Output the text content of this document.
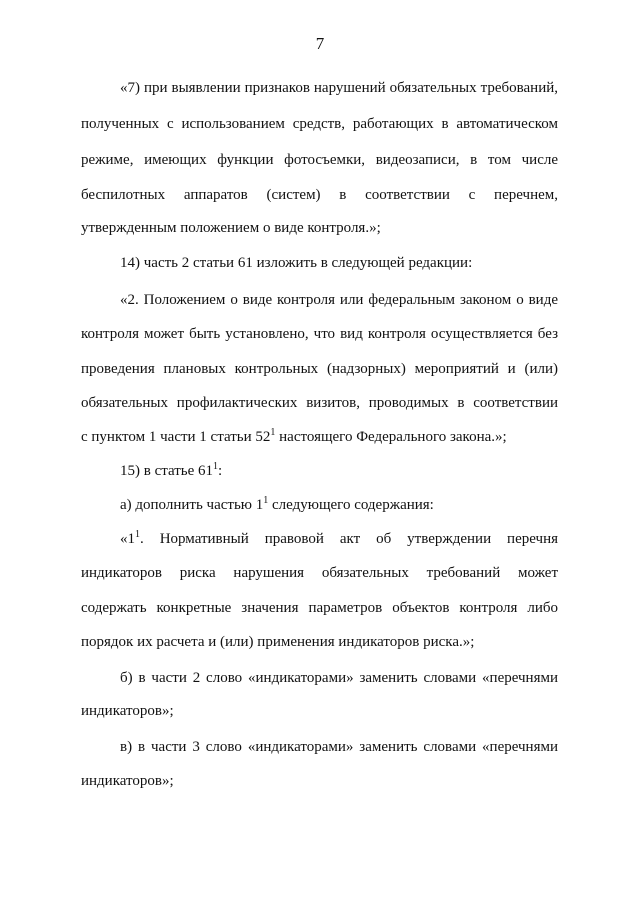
7
«7) при выявлении признаков нарушений обязательных требований,
полученных с использованием средств, работающих в автоматическом
режиме, имеющих функции фотосъемки, видеозаписи, в том числе
беспилотных аппаратов (систем) в соответствии с перечнем,
утвержденным положением о виде контроля.»;
14) часть 2 статьи 61 изложить в следующей редакции:
«2. Положением о виде контроля или федеральным законом о виде
контроля может быть установлено, что вид контроля осуществляется без
проведения плановых контрольных (надзорных) мероприятий и (или)
обязательных профилактических визитов, проводимых в соответствии
с пунктом 1 части 1 статьи $52^1$ настоящего Федерального закона.»;
15) в статье $61^1$:
а) дополнить частью $1^1$ следующего содержания:
«$1^1$. Нормативный правовой акт об утверждении перечня
индикаторов риска нарушения обязательных требований может
содержать конкретные значения параметров объектов контроля либо
порядок их расчета и (или) применения индикаторов риска.»;
б) в части 2 слово «индикаторами» заменить словами «перечнями
индикаторов»;
в) в части 3 слово «индикаторами» заменить словами «перечнями
индикаторов»;
